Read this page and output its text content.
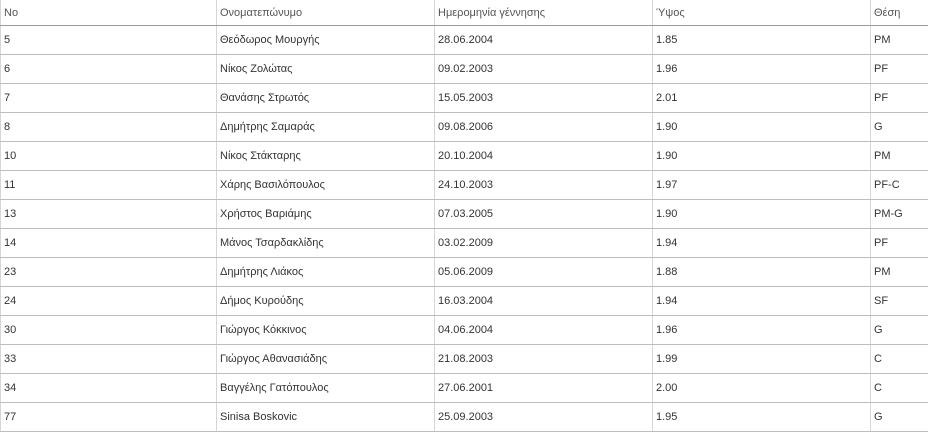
No	Ονοματεπώνυμο	Ημερομηνία γέννησης	Ύψος	Θέση
5	Θεόδωρος Μουργής	28.06.2004	1.85	PM
6	Νίκος Ζολώτας	09.02.2003	1.96	PF
7	Θανάσης Στρωτός	15.05.2003	2.01	PF
8	Δημήτρης Σαμαράς	09.08.2006	1.90	G
10	Νίκος Στάκταρης	20.10.2004	1.90	PM
11	Χάρης Βασιλόπουλος	24.10.2003	1.97	PF-C
13	Χρήστος Βαριάμης	07.03.2005	1.90	PM-G
14	Μάνος Τσαρδακλίδης	03.02.2009	1.94	PF
23	Δημήτρης Λιάκος	05.06.2009	1.88	PM
24	Δήμος Κυρούδης	16.03.2004	1.94	SF
30	Γιώργος Κόκκινος	04.06.2004	1.96	G
33	Γιώργος Αθανασιάδης	21.08.2003	1.99	C
34	Βαγγέλης Γατόπουλος	27.06.2001	2.00	C
77	Sinisa Boskovic	25.09.2003	1.95	G
